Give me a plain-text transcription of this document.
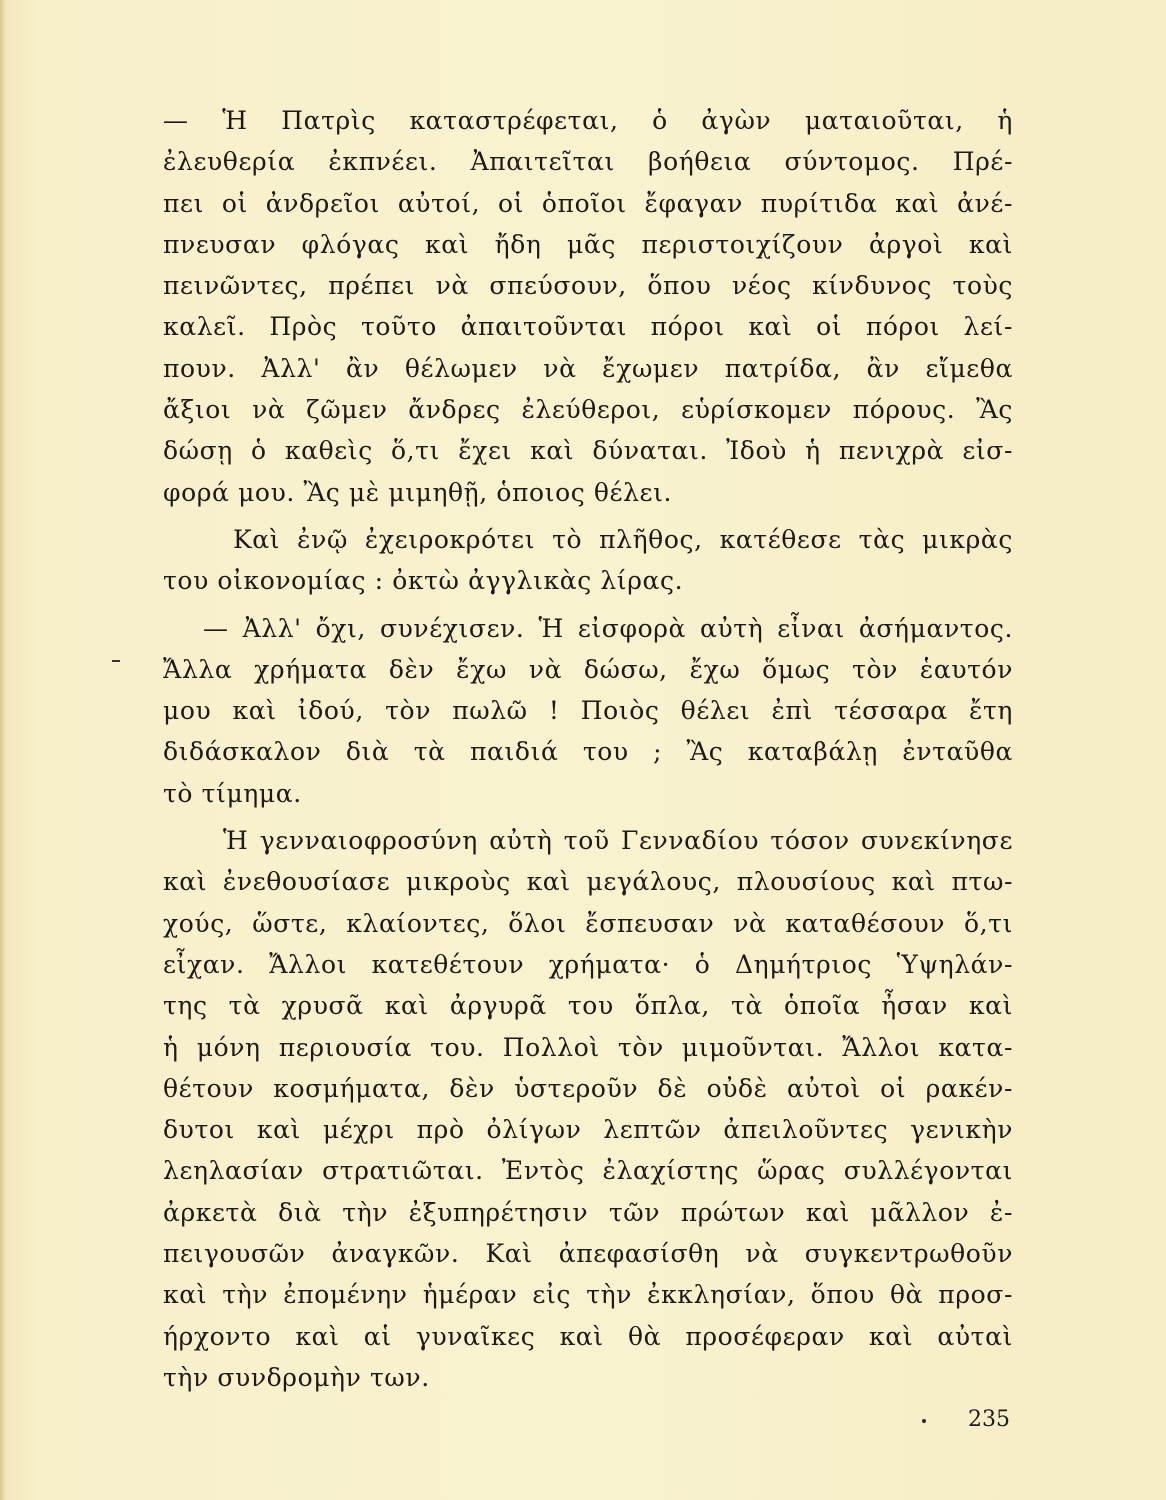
— Ἡ Πατρὶς καταστρέφεται, ὁ ἀγὼν ματαιοῦται, ἡ
ἐλευθερία ἐκπνέει. Ἀπαιτεῖται βοήθεια σύντομος. Πρέ-
πει οἱ ἀνδρεῖοι αὐτοί, οἱ ὁποῖοι ἔφαγαν πυρίτιδα καὶ ἀνέ-
πνευσαν φλόγας καὶ ἤδη μᾶς περιστοιχίζουν ἀργοὶ καὶ
πεινῶντες, πρέπει νὰ σπεύσουν, ὅπου νέος κίνδυνος τοὺς
καλεῖ. Πρὸς τοῦτο ἀπαιτοῦνται πόροι καὶ οἱ πόροι λεί-
πουν. Ἀλλ' ἂν θέλωμεν νὰ ἔχωμεν πατρίδα, ἂν εἴμεθα
ἄξιοι νὰ ζῶμεν ἄνδρες ἐλεύθεροι, εὑρίσκομεν πόρους. Ἂς
δώσῃ ὁ καθεὶς ὅ,τι ἔχει καὶ δύναται. Ἰδοὺ ἡ πενιχρὰ εἰσ-
φορά μου. Ἂς μὲ μιμηθῇ, ὁποιος θέλει.
Καὶ ἐνῷ ἐχειροκρότει τὸ πλῆθος, κατέθεσε τὰς μικρὰς
του οἰκονομίας : ὀκτὼ ἀγγλικὰς λίρας.
— Ἀλλ' ὄχι, συνέχισεν. Ἡ εἰσφορὰ αὐτὴ εἶναι ἀσήμαντος.
Ἄλλα χρήματα δὲν ἔχω νὰ δώσω, ἔχω ὅμως τὸν ἑαυτόν
μου καὶ ἰδού, τὸν πωλῶ ! Ποιὸς θέλει ἐπὶ τέσσαρα ἔτη
διδάσκαλον διὰ τὰ παιδιά του ; Ἂς καταβάλῃ ἐνταῦθα
τὸ τίμημα.
Ἡ γενναιοφροσύνη αὐτὴ τοῦ Γενναδίου τόσον συνεκίνησε
καὶ ἐνεθουσίασε μικροὺς καὶ μεγάλους, πλουσίους καὶ πτω-
χούς, ὥστε, κλαίοντες, ὅλοι ἔσπευσαν νὰ καταθέσουν ὅ,τι
εἶχαν. Ἄλλοι κατεθέτουν χρήματα· ὁ Δημήτριος Ὑψηλάν-
της τὰ χρυσᾶ καὶ ἀργυρᾶ του ὅπλα, τὰ ὁποῖα ἦσαν καὶ
ἡ μόνη περιουσία του. Πολλοὶ τὸν μιμοῦνται. Ἄλλοι κατα-
θέτουν κοσμήματα, δὲν ὑστεροῦν δὲ οὐδὲ αὐτοὶ οἱ ρακέν-
δυτοι καὶ μέχρι πρὸ ὀλίγων λεπτῶν ἀπειλοῦντες γενικὴν
λεηλασίαν στρατιῶται. Ἐντὸς ἐλαχίστης ὥρας συλλέγονται
ἀρκετὰ διὰ τὴν ἐξυπηρέτησιν τῶν πρώτων καὶ μᾶλλον ἐ-
πειγουσῶν ἀναγκῶν. Καὶ ἀπεφασίσθη νὰ συγκεντρωθοῦν
καὶ τὴν ἐπομένην ἡμέραν εἰς τὴν ἐκκλησίαν, ὅπου θὰ προσ-
ήρχοντο καὶ αἱ γυναῖκες καὶ θὰ προσέφεραν καὶ αὐταὶ
τὴν συνδρομὴν των.
235
